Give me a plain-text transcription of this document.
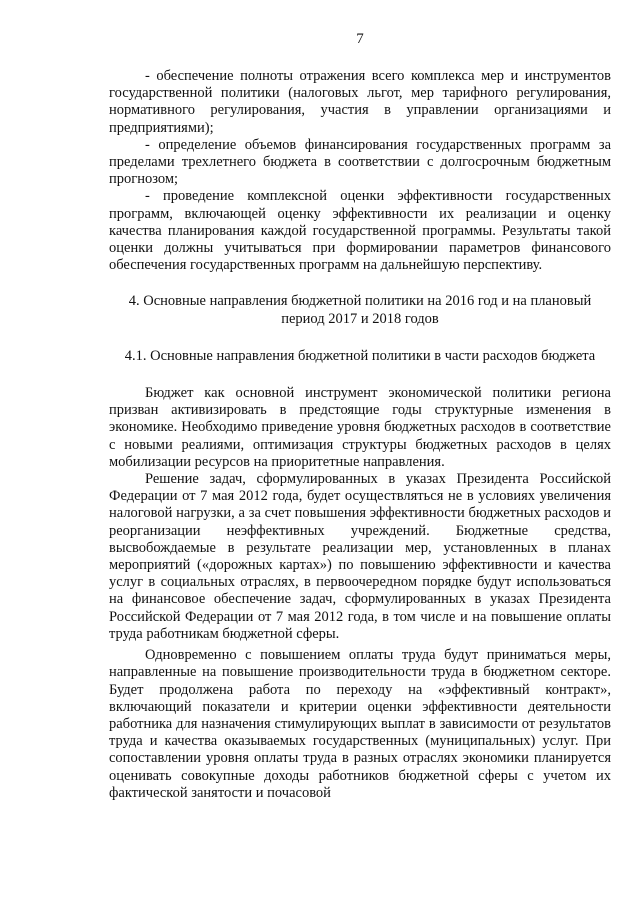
7

- обеспечение полноты отражения всего комплекса мер и инструментов государственной политики (налоговых льгот, мер тарифного регулирования, нормативного регулирования, участия в управлении организациями и предприятиями);

- определение объемов финансирования государственных программ за пределами трехлетнего бюджета в соответствии с долгосрочным бюджетным прогнозом;

- проведение комплексной оценки эффективности государственных программ, включающей оценку эффективности их реализации и оценку качества планирования каждой государственной программы. Результаты такой оценки должны учитываться при формировании параметров финансового обеспечения государственных программ на дальнейшую перспективу.

4. Основные направления бюджетной политики на 2016 год и на плановый
период 2017 и 2018 годов
4.1. Основные направления бюджетной политики в части расходов бюджета

Бюджет как основной инструмент экономической политики региона призван активизировать в предстоящие годы структурные изменения в экономике. Необходимо приведение уровня бюджетных расходов в соответствие с новыми реалиями, оптимизация структуры бюджетных расходов в целях мобилизации ресурсов на приоритетные направления.

Решение задач, сформулированных в указах Президента Российской Федерации от 7 мая 2012 года, будет осуществляться не в условиях увеличения налоговой нагрузки, а за счет повышения эффективности бюджетных расходов и реорганизации неэффективных учреждений. Бюджетные средства, высвобождаемые в результате реализации мер, установленных в планах мероприятий («дорожных картах») по повышению эффективности и качества услуг в социальных отраслях, в первоочередном порядке будут использоваться на финансовое обеспечение задач, сформулированных в указах Президента Российской Федерации от 7 мая 2012 года, в том числе и на повышение оплаты труда работникам бюджетной сферы.

Одновременно с повышением оплаты труда будут приниматься меры, направленные на повышение производительности труда в бюджетном секторе. Будет продолжена работа по переходу на «эффективный контракт», включающий показатели и критерии оценки эффективности деятельности работника для назначения стимулирующих выплат в зависимости от результатов труда и качества оказываемых государственных (муниципальных) услуг. При сопоставлении уровня оплаты труда в разных отраслях экономики планируется оценивать совокупные доходы работников бюджетной сферы с учетом их фактической занятости и почасовой
